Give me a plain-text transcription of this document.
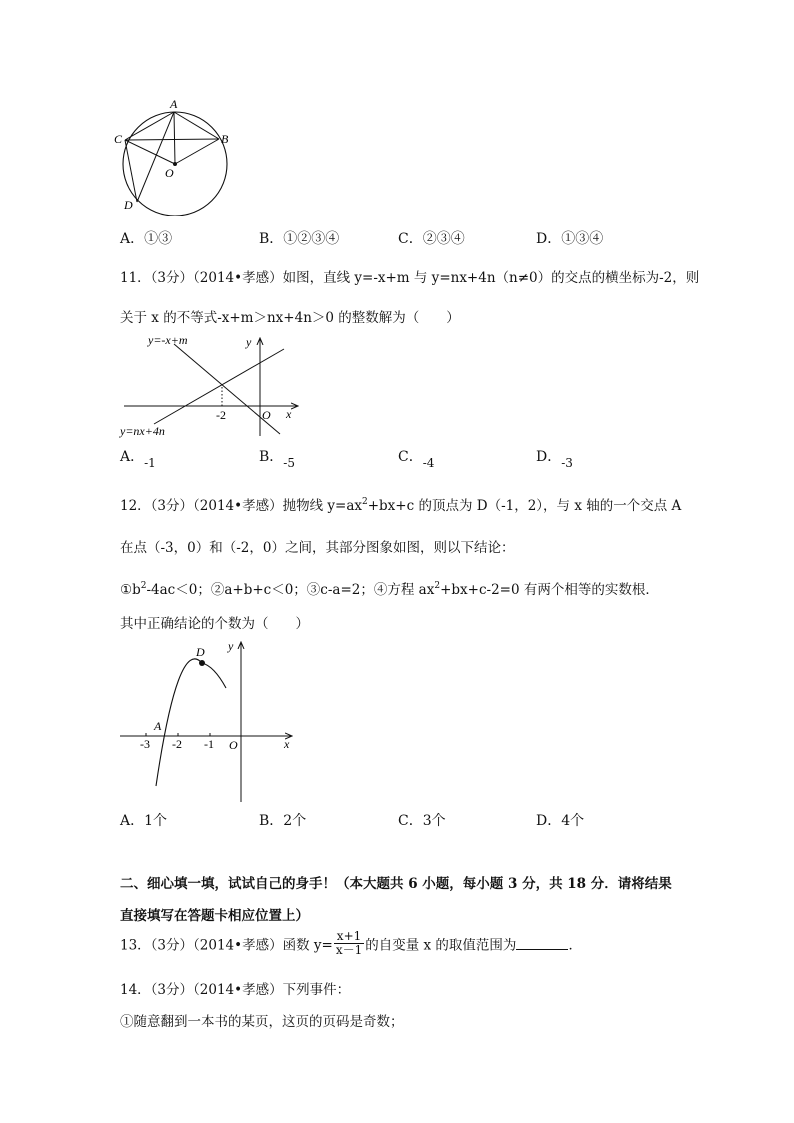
A
C	B
O
D
A．①③	B．①②③④	C．②③④	D．①③④
11．（3分）（2014•孝感）如图，直线 y=-x+m 与 y=nx+4n（n≠0）的交点的横坐标为-2，则
关于 x 的不等式-x+m＞nx+4n＞0 的整数解为（　　）
y=-x+m
y=nx+4n
y
x
O
-2
A．-1	B．-5	C．-4	D．-3
12．（3分）（2014•孝感）抛物线 $y=ax^2+bx+c$ 的顶点为 D（-1，2），与 x 轴的一个交点 A
在点（-3，0）和（-2，0）之间，其部分图象如图，则以下结论：
$①b^2-4ac<0$；②a+b+c＜0；③c-a=2；④方程 $ax^2+bx+c-2=0$ 有两个相等的实数根．
其中正确结论的个数为（　　）
y
x
D
A
O
-3 -2 -1
A．1个	B．2个	C．3个	D．4个
二、细心填一填，试试自己的身手！（本大题共 6 小题，每小题 3 分，共 18 分．请将结果
直接填写在答题卡相应位置上）
13．（3分）（2014•孝感）函数 $y= \frac{x+1}{x-1}$ 的自变量 x 的取值范围为	．
14．（3分）（2014•孝感）下列事件：
①随意翻到一本书的某页，这页的页码是奇数；
